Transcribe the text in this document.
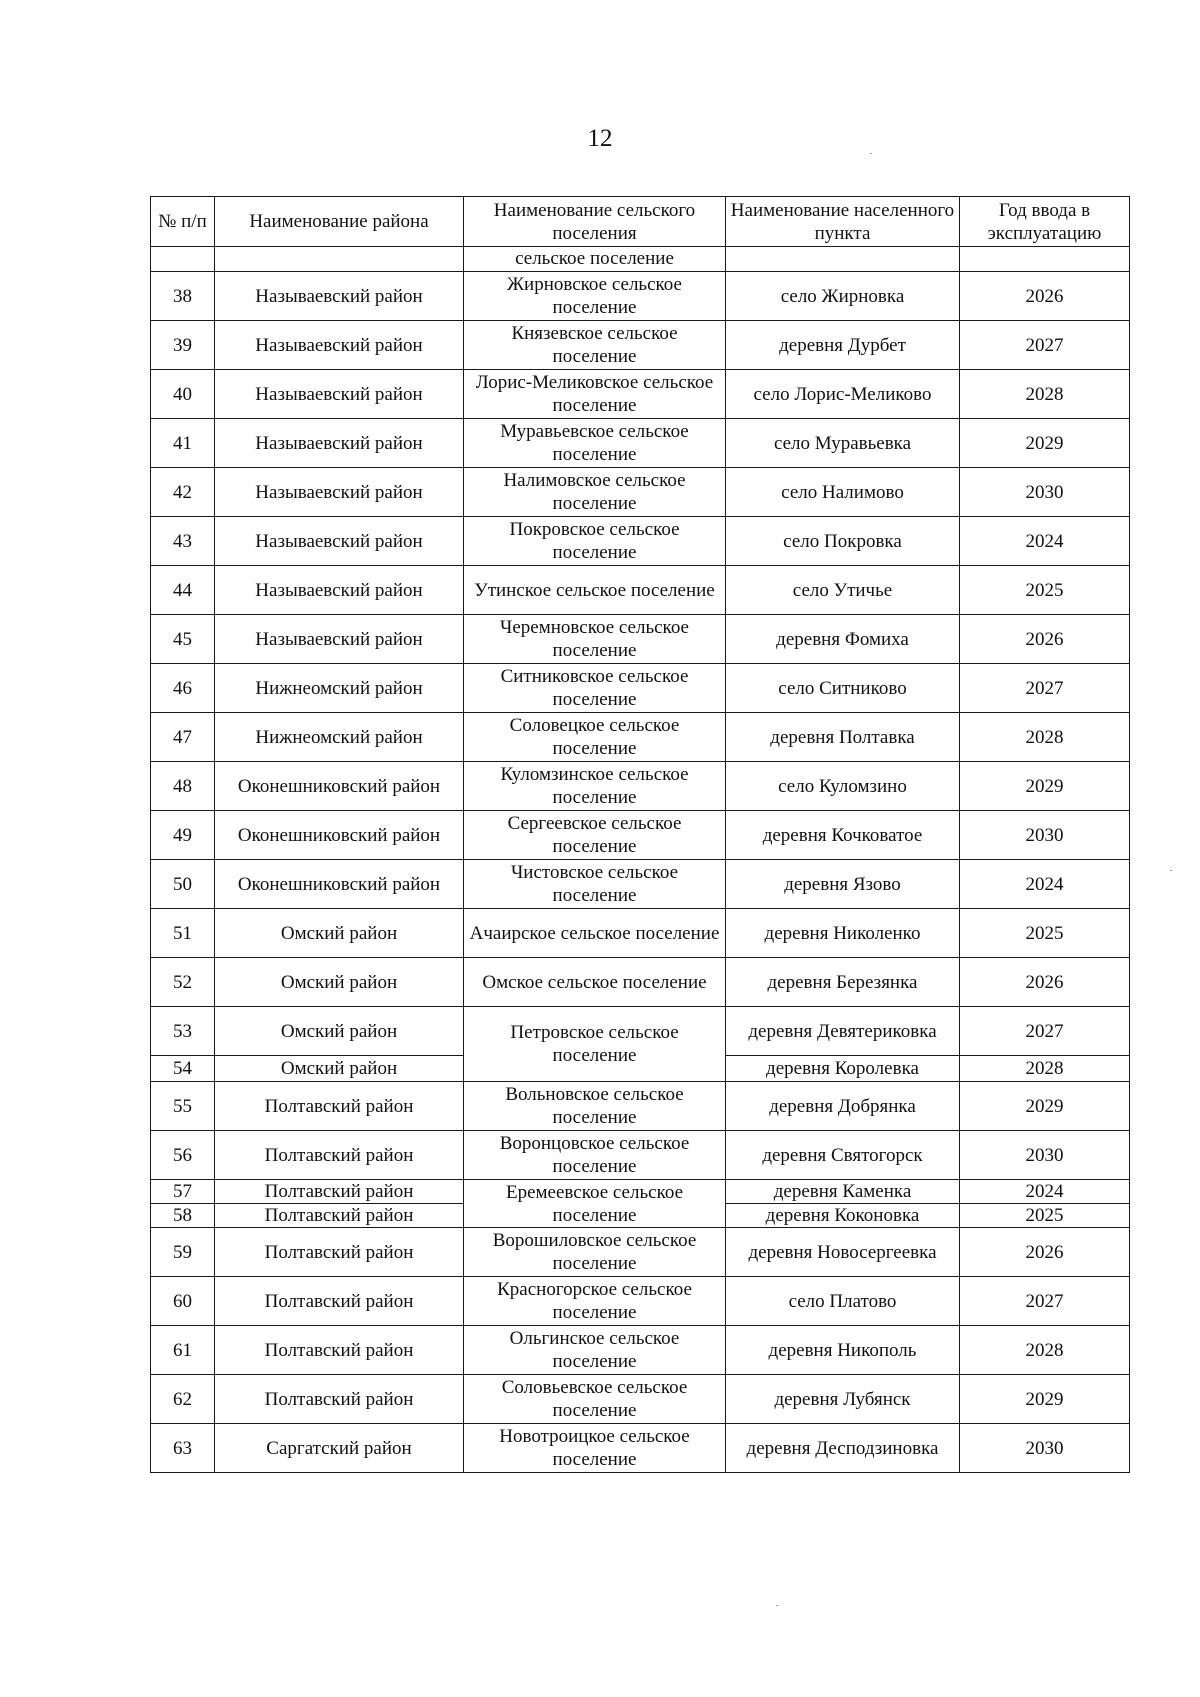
12
№ п/п	Наименование района	Наименование сельского поселения	Наименование населенного пункта	Год ввода в эксплуатацию
		сельское поселение		
38	Называевский район	Жирновское сельское поселение	село Жирновка	2026
39	Называевский район	Князевское сельское поселение	деревня Дурбет	2027
40	Называевский район	Лорис-Меликовское сельское поселение	село Лорис-Меликово	2028
41	Называевский район	Муравьевское сельское поселение	село Муравьевка	2029
42	Называевский район	Налимовское сельское поселение	село Налимово	2030
43	Называевский район	Покровское сельское поселение	село Покровка	2024
44	Называевский район	Утинское сельское поселение	село Утичье	2025
45	Называевский район	Черемновское сельское поселение	деревня Фомиха	2026
46	Нижнеомский район	Ситниковское сельское поселение	село Ситниково	2027
47	Нижнеомский район	Соловецкое сельское поселение	деревня Полтавка	2028
48	Оконешниковский район	Куломзинское сельское поселение	село Куломзино	2029
49	Оконешниковский район	Сергеевское сельское поселение	деревня Кочковатое	2030
50	Оконешниковский район	Чистовское сельское поселение	деревня Язово	2024
51	Омский район	Ачаирское сельское поселение	деревня Николенко	2025
52	Омский район	Омское сельское поселение	деревня Березянка	2026
53	Омский район	Петровское сельское поселение	деревня Девятериковка	2027
54	Омский район		деревня Королевка	2028
55	Полтавский район	Вольновское сельское поселение	деревня Добрянка	2029
56	Полтавский район	Воронцовское сельское поселение	деревня Святогорск	2030
57	Полтавский район	Еремеевское сельское поселение	деревня Каменка	2024
58	Полтавский район		деревня Коконовка	2025
59	Полтавский район	Ворошиловское сельское поселение	деревня Новосергеевка	2026
60	Полтавский район	Красногорское сельское поселение	село Платово	2027
61	Полтавский район	Ольгинское сельское поселение	деревня Никополь	2028
62	Полтавский район	Соловьевское сельское поселение	деревня Лубянск	2029
63	Саргатский район	Новотроицкое сельское поселение	деревня Десподзиновка	2030
